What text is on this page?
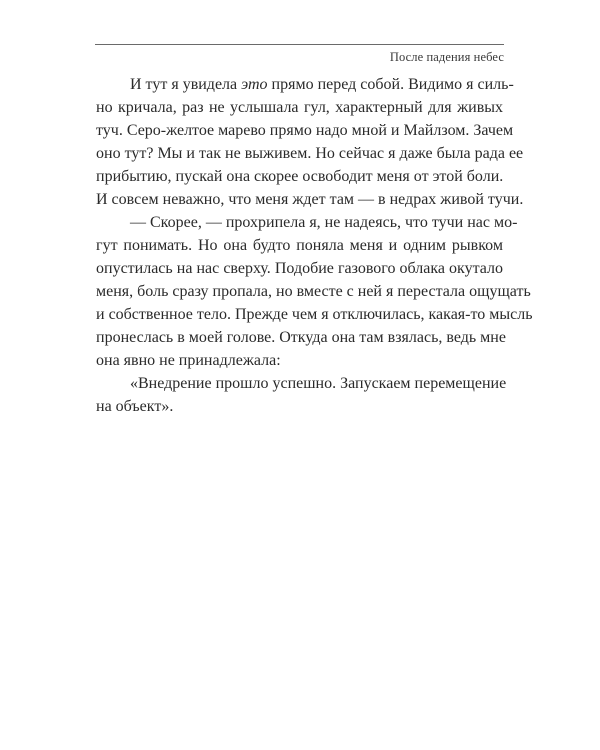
После падения небес
И тут я увидела это прямо перед собой. Видимо я силь-
но кричала, раз не услышала гул, характерный для живых
туч. Серо-желтое марево прямо надо мной и Майлзом. Зачем
оно тут? Мы и так не выживем. Но сейчас я даже была рада ее
прибытию, пускай она скорее освободит меня от этой боли.
И совсем неважно, что меня ждет там — в недрах живой тучи.
— Скорее, — прохрипела я, не надеясь, что тучи нас мо-
гут понимать. Но она будто поняла меня и одним рывком
опустилась на нас сверху. Подобие газового облака окутало
меня, боль сразу пропала, но вместе с ней я перестала ощущать
и собственное тело. Прежде чем я отключилась, какая-то мысль
пронеслась в моей голове. Откуда она там взялась, ведь мне
она явно не принадлежала:
«Внедрение прошло успешно. Запускаем перемещение
на объект».
